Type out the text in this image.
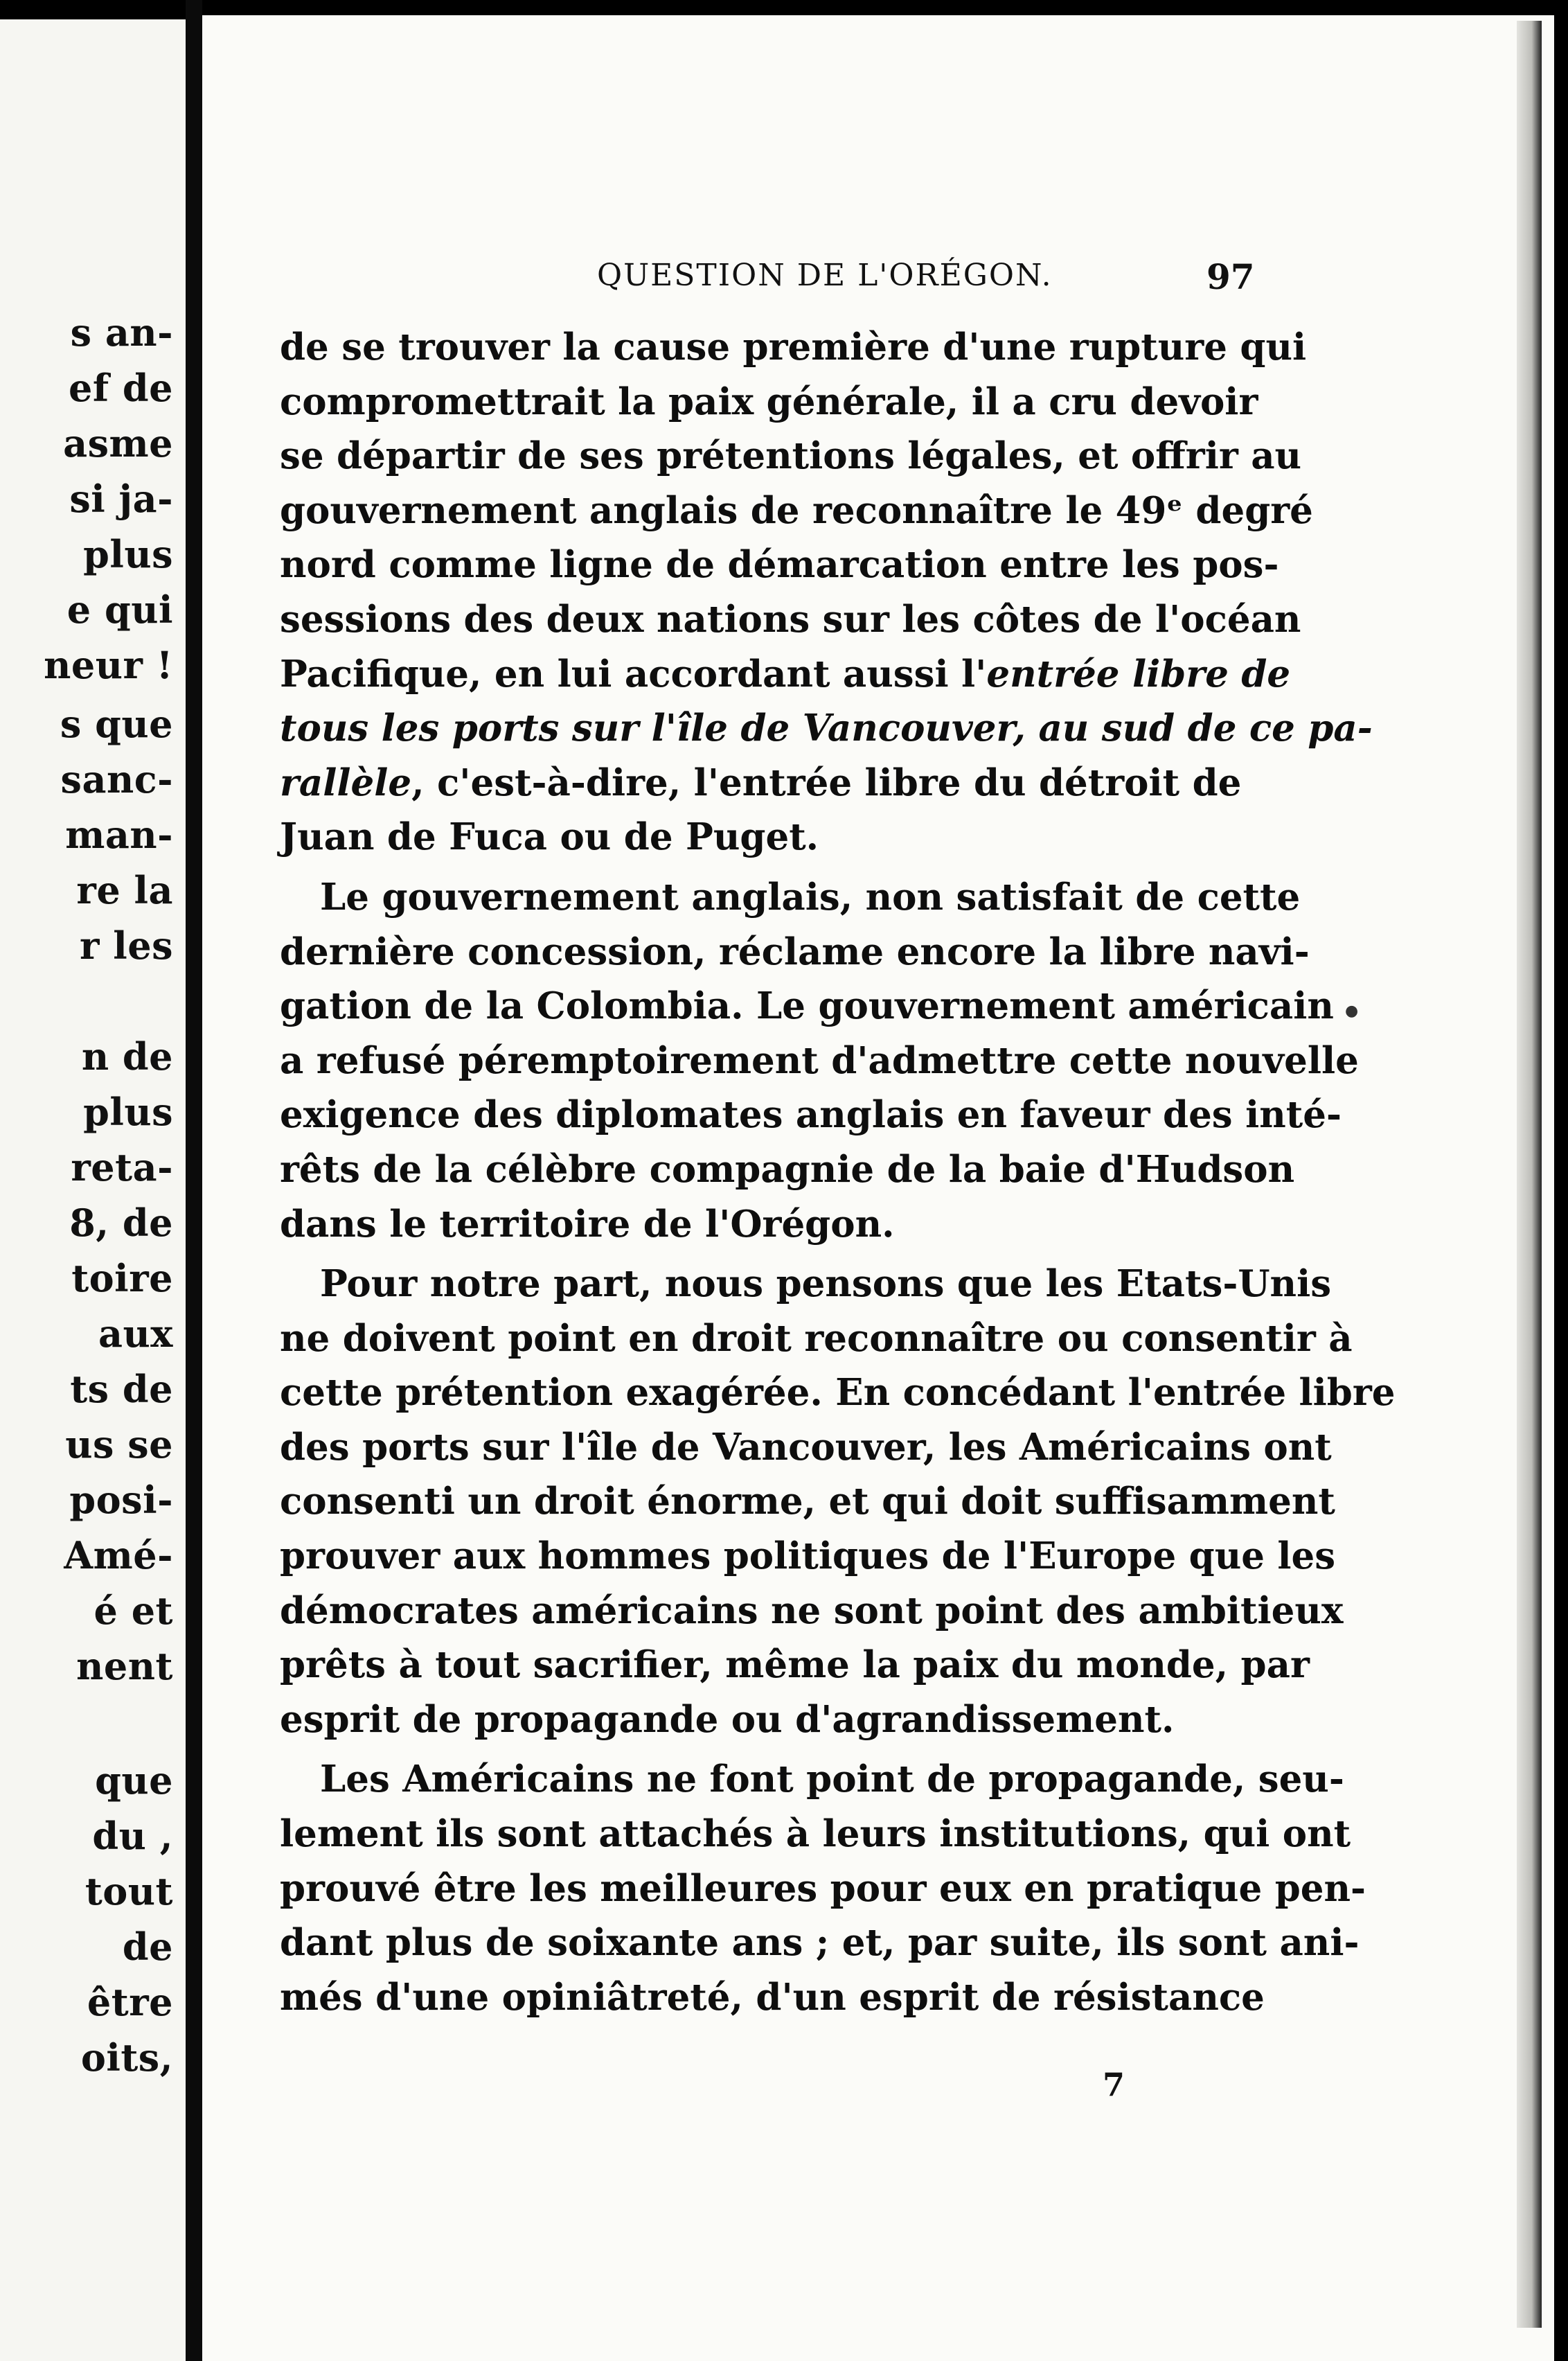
s an-
ef de
asme
si ja-
plus
e qui
neur !
s que
sanc-
man-
re la
r les
n de
plus
reta-
8, de
toire
aux
ts de
us se
posi-
Amé-
é et
nent
que
du ,
tout
de
être
oits,
QUESTION DE L'ORÉGON.	97
de se trouver la cause première d'une rupture qui
compromettrait la paix générale, il a cru devoir
se départir de ses prétentions légales, et offrir au
gouvernement anglais de reconnaître le 49ᵉ degré
nord comme ligne de démarcation entre les pos-
sessions des deux nations sur les côtes de l'océan
Pacifique, en lui accordant aussi l'entrée libre de
tous les ports sur l'île de Vancouver, au sud de ce pa-
rallèle, c'est-à-dire, l'entrée libre du détroit de
Juan de Fuca ou de Puget.
Le gouvernement anglais, non satisfait de cette
dernière concession, réclame encore la libre navi-
gation de la Colombia. Le gouvernement américain
a refusé péremptoirement d'admettre cette nouvelle
exigence des diplomates anglais en faveur des inté-
rêts de la célèbre compagnie de la baie d'Hudson
dans le territoire de l'Orégon.
Pour notre part, nous pensons que les Etats-Unis
ne doivent point en droit reconnaître ou consentir à
cette prétention exagérée. En concédant l'entrée libre
des ports sur l'île de Vancouver, les Américains ont
consenti un droit énorme, et qui doit suffisamment
prouver aux hommes politiques de l'Europe que les
démocrates américains ne sont point des ambitieux
prêts à tout sacrifier, même la paix du monde, par
esprit de propagande ou d'agrandissement.
Les Américains ne font point de propagande, seu-
lement ils sont attachés à leurs institutions, qui ont
prouvé être les meilleures pour eux en pratique pen-
dant plus de soixante ans ; et, par suite, ils sont ani-
més d'une opiniâtreté, d'un esprit de résistance
7
●
